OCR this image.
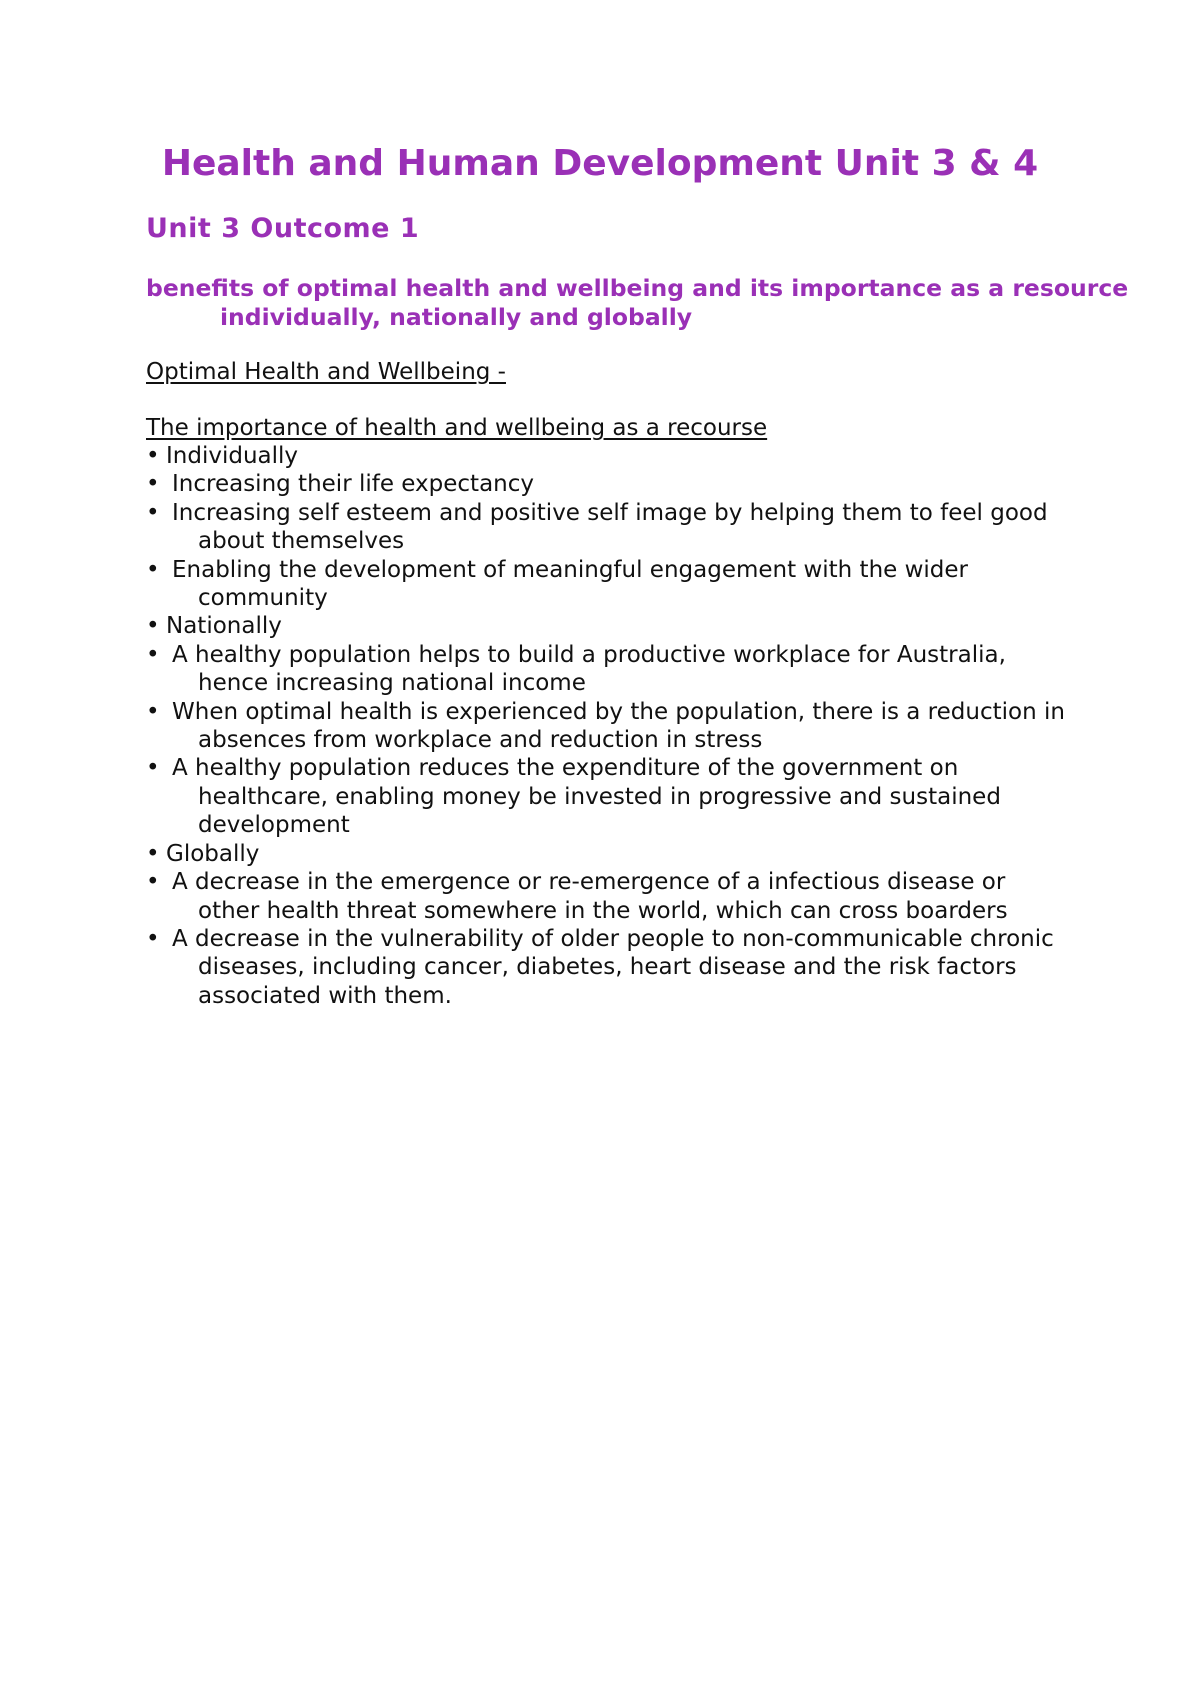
Health and Human Development Unit 3 & 4
Unit 3 Outcome 1

benefits of optimal health and wellbeing and its importance as a resource individually, nationally and globally

Optimal Health and Wellbeing -

The importance of health and wellbeing as a recourse

• Individually
• Increasing their life expectancy
• Increasing self esteem and positive self image by helping them to feel good about themselves
• Enabling the development of meaningful engagement with the wider community
• Nationally
• A healthy population helps to build a productive workplace for Australia, hence increasing national income
• When optimal health is experienced by the population, there is a reduction in absences from workplace and reduction in stress
• A healthy population reduces the expenditure of the government on healthcare, enabling money be invested in progressive and sustained development
• Globally
• A decrease in the emergence or re-emergence of a infectious disease or other health threat somewhere in the world, which can cross boarders
• A decrease in the vulnerability of older people to non-communicable chronic diseases, including cancer, diabetes, heart disease and the risk factors associated with them.
